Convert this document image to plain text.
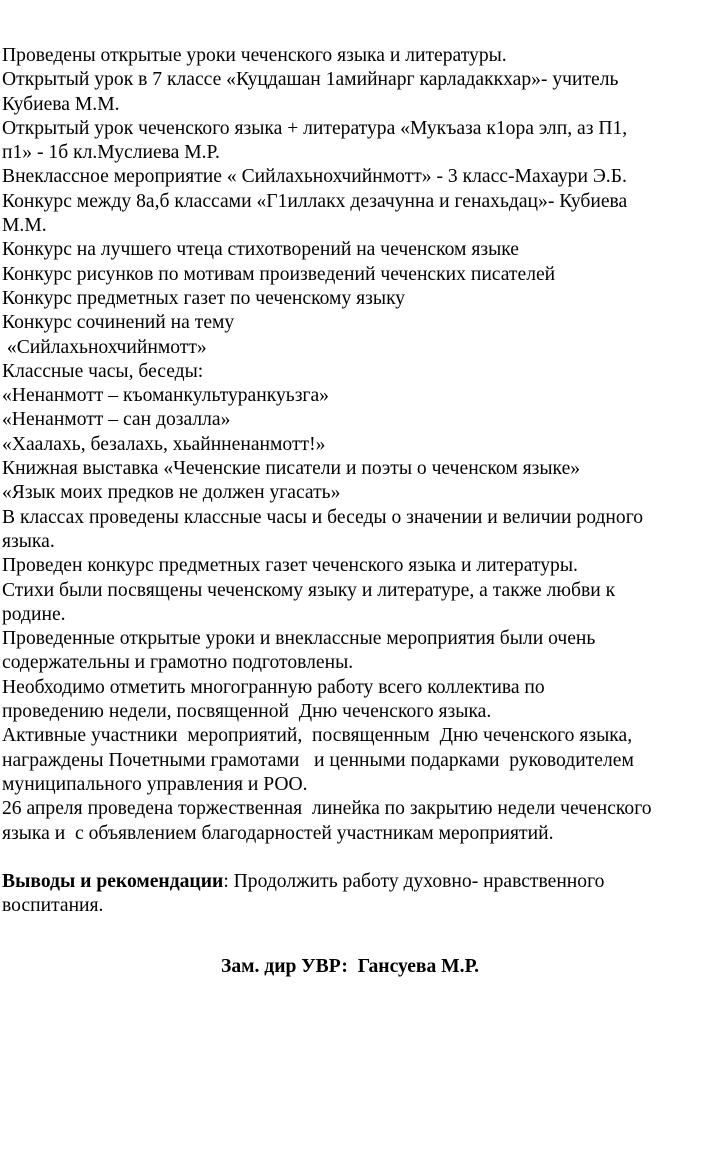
Проведены открытые уроки чеченского языка и литературы.

Открытый урок в 7 классе «Куцдашан 1амийнарг карладаккхар»- учитель

Кубиева М.М.

Открытый урок чеченского языка + литература «Мукъаза к1ора элп, аз П1,

п1» - 1б кл.Муслиева М.Р.

Внеклассное мероприятие « Сийлахьнохчийнмотт» - 3 класс-Махаури Э.Б.

Конкурс между 8а,б классами «Г1иллакх дезачунна и генахьдац»- Кубиева

М.М.

Конкурс на лучшего чтеца стихотворений на чеченском языке

Конкурс рисунков по мотивам произведений чеченских писателей

Конкурс предметных газет по чеченскому языку

Конкурс сочинений на тему

«Сийлахьнохчийнмотт»

Классные часы, беседы:

«Ненанмотт – къоманкультуранкуьзга»

«Ненанмотт – сан дозалла»

«Хаалахь, безалахь, хьайнненанмотт!»

Книжная выставка «Чеченские писатели и поэты о чеченском языке»

«Язык моих предков не должен угасать»

В классах проведены классные часы и беседы о значении и величии родного

языка.

Проведен конкурс предметных газет чеченского языка и литературы.

Стихи были посвящены чеченскому языку и литературе, а также любви к

родине.

Проведенные открытые уроки и внеклассные мероприятия были очень

содержательны и грамотно подготовлены.

Необходимо отметить многогранную работу всего коллектива по

проведению недели, посвященной  Дню чеченского языка.

Активные участники  мероприятий,  посвященным  Дню чеченского языка,

награждены Почетными грамотами   и ценными подарками  руководителем

муниципального управления и РОО.

26 апреля проведена торжественная  линейка по закрытию недели чеченского

языка и  с объявлением благодарностей участникам мероприятий.

Выводы и рекомендации: Продолжить работу духовно- нравственного

воспитания.

Зам. дир УВР:  Гансуева М.Р.
